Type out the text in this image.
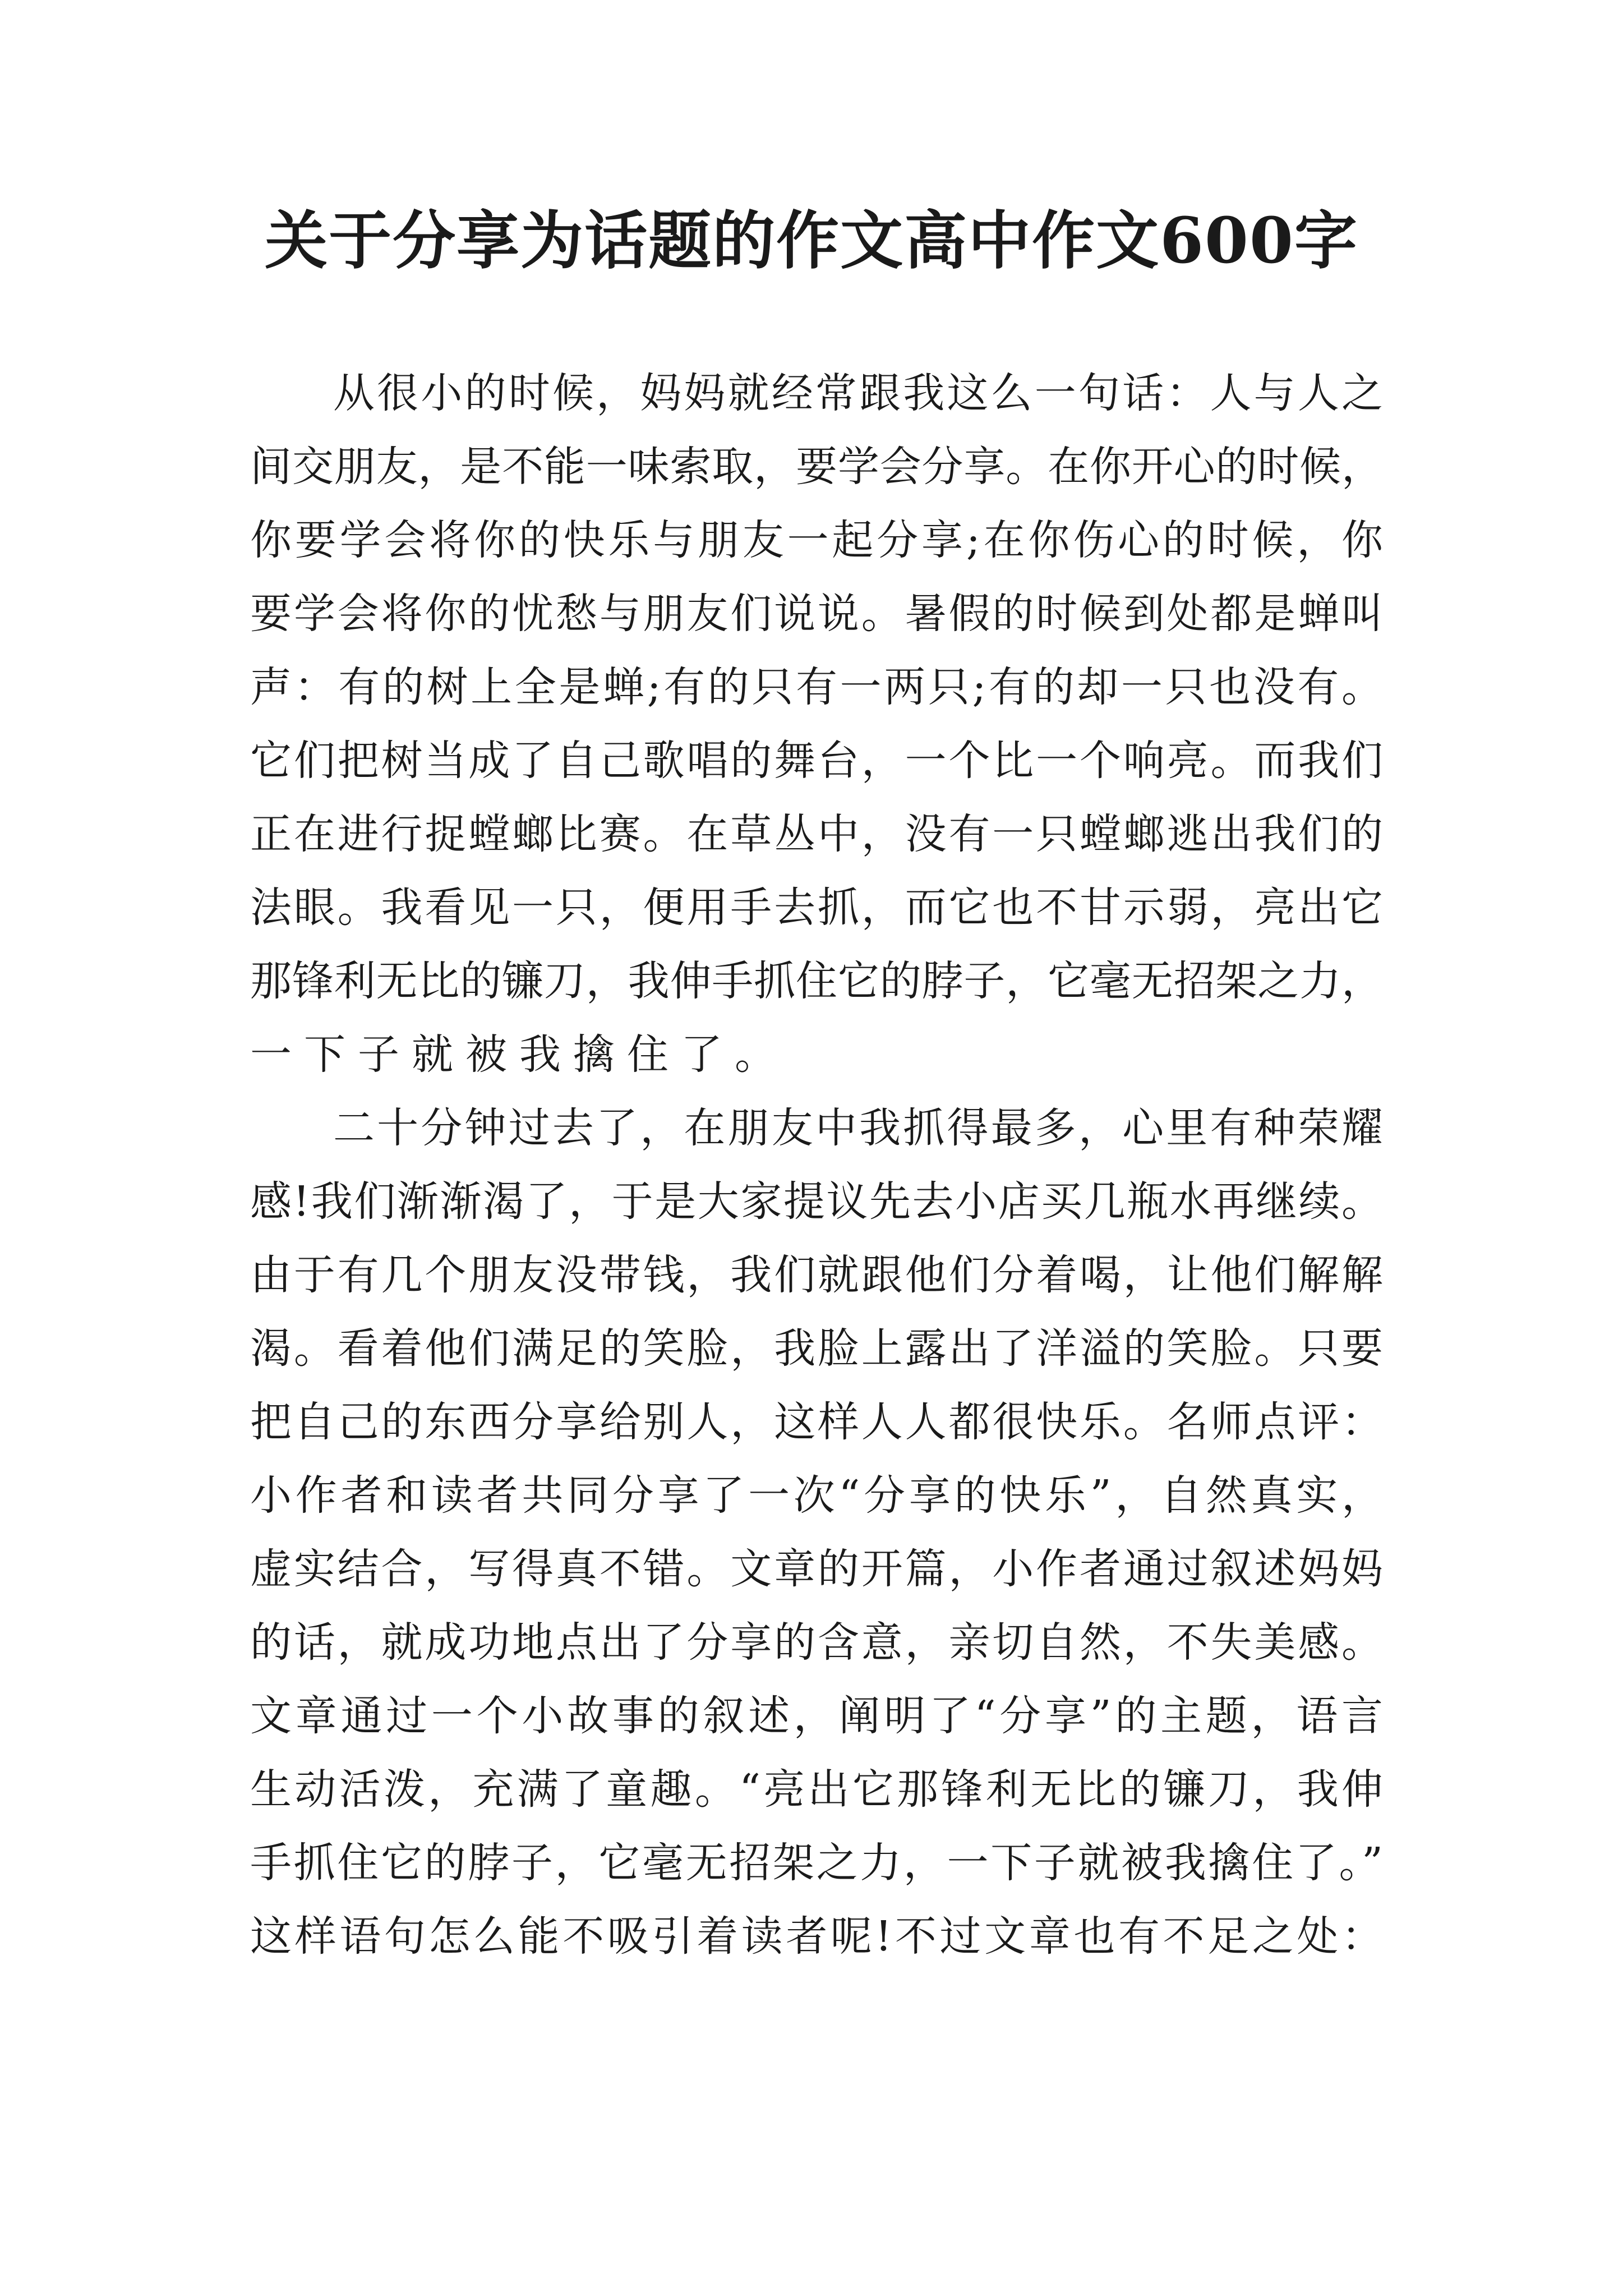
关于分享为话题的作文高中作文600字
从很小的时候，妈妈就经常跟我这么一句话：人与人之
间交朋友，是不能一味索取，要学会分享。在你开心的时候，
你要学会将你的快乐与朋友一起分享;在你伤心的时候，你
要学会将你的忧愁与朋友们说说。暑假的时候到处都是蝉叫
声：有的树上全是蝉;有的只有一两只;有的却一只也没有。
它们把树当成了自己歌唱的舞台，一个比一个响亮。而我们
正在进行捉螳螂比赛。在草丛中，没有一只螳螂逃出我们的
法眼。我看见一只，便用手去抓，而它也不甘示弱，亮出它
那锋利无比的镰刀，我伸手抓住它的脖子，它毫无招架之力，
一下子就被我擒住了。
二十分钟过去了，在朋友中我抓得最多，心里有种荣耀
感!我们渐渐渴了，于是大家提议先去小店买几瓶水再继续。
由于有几个朋友没带钱，我们就跟他们分着喝，让他们解解
渴。看着他们满足的笑脸，我脸上露出了洋溢的笑脸。只要
把自己的东西分享给别人，这样人人都很快乐。名师点评：
小作者和读者共同分享了一次“分享的快乐”，自然真实，
虚实结合，写得真不错。文章的开篇，小作者通过叙述妈妈
的话，就成功地点出了分享的含意，亲切自然，不失美感。
文章通过一个小故事的叙述，阐明了“分享”的主题，语言
生动活泼，充满了童趣。“亮出它那锋利无比的镰刀，我伸
手抓住它的脖子，它毫无招架之力，一下子就被我擒住了。”
这样语句怎么能不吸引着读者呢!不过文章也有不足之处：
